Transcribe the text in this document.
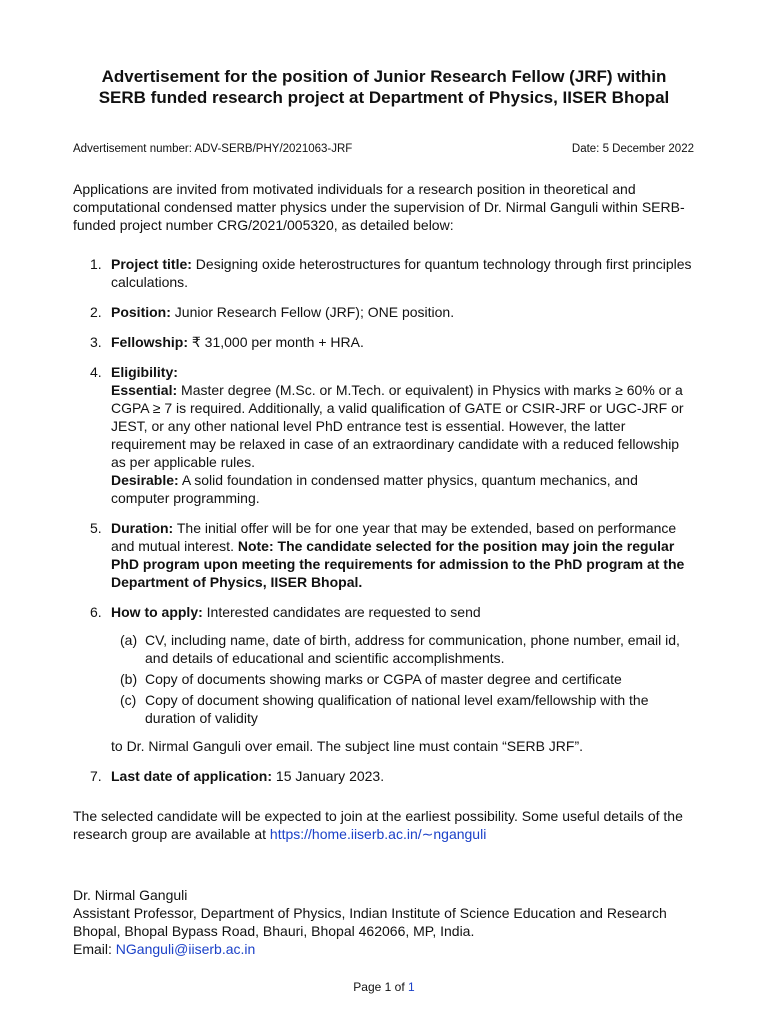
Advertisement for the position of Junior Research Fellow (JRF) within
SERB funded research project at Department of Physics, IISER Bhopal
Advertisement number: ADV-SERB/PHY/2021063-JRF	Date: 5 December 2022

Applications are invited from motivated individuals for a research position in theoretical and computational condensed matter physics under the supervision of Dr. Nirmal Ganguli within SERB-funded project number CRG/2021/005320, as detailed below:

1. Project title: Designing oxide heterostructures for quantum technology through first principles calculations.
2. Position: Junior Research Fellow (JRF); ONE position.
3. Fellowship: ₹ 31,000 per month + HRA.
4. Eligibility:
Essential: Master degree (M.Sc. or M.Tech. or equivalent) in Physics with marks ≥ 60% or a CGPA ≥ 7 is required. Additionally, a valid qualification of GATE or CSIR-JRF or UGC-JRF or JEST, or any other national level PhD entrance test is essential. However, the latter requirement may be relaxed in case of an extraordinary candidate with a reduced fellowship as per applicable rules.
Desirable: A solid foundation in condensed matter physics, quantum mechanics, and computer programming.
5. Duration: The initial offer will be for one year that may be extended, based on performance and mutual interest. Note: The candidate selected for the position may join the regular PhD program upon meeting the requirements for admission to the PhD program at the Department of Physics, IISER Bhopal.
6. How to apply: Interested candidates are requested to send
(a) CV, including name, date of birth, address for communication, phone number, email id, and details of educational and scientific accomplishments.
(b) Copy of documents showing marks or CGPA of master degree and certificate
(c) Copy of document showing qualification of national level exam/fellowship with the duration of validity
to Dr. Nirmal Ganguli over email. The subject line must contain “SERB JRF”.
7. Last date of application: 15 January 2023.

The selected candidate will be expected to join at the earliest possibility. Some useful details of the research group are available at https://home.iiserb.ac.in/∼nganguli

Dr. Nirmal Ganguli
Assistant Professor, Department of Physics, Indian Institute of Science Education and Research Bhopal, Bhopal Bypass Road, Bhauri, Bhopal 462066, MP, India.
Email: NGanguli@iiserb.ac.in
Page 1 of 1
